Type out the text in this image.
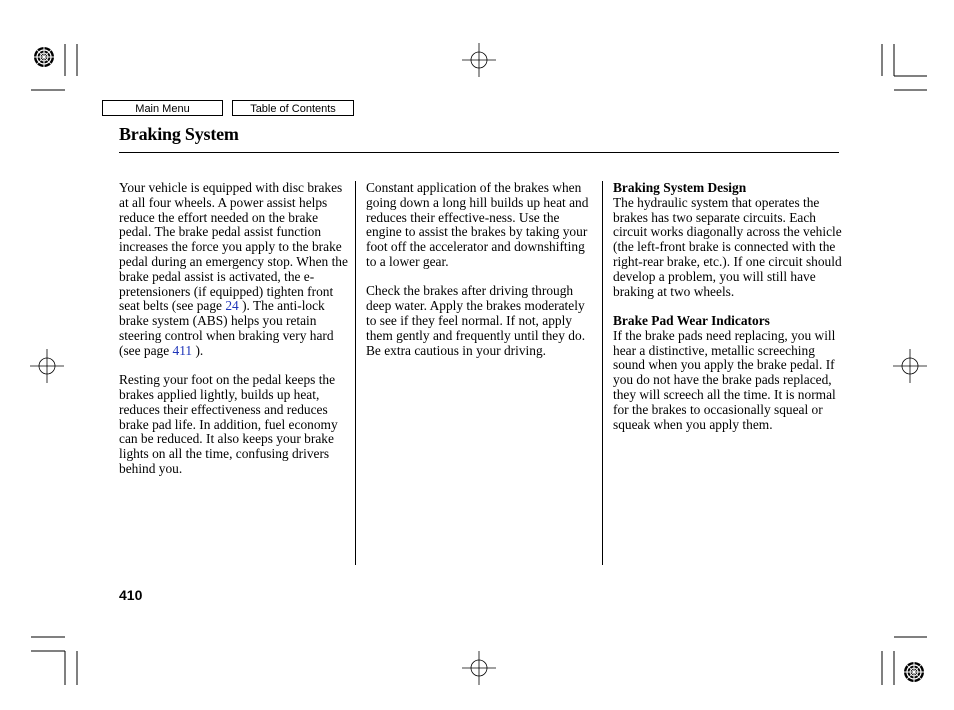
Main Menu	Table of Contents
Braking System

Your vehicle is equipped with disc brakes at all four wheels. A power assist helps reduce the effort needed on the brake pedal. The brake pedal assist function increases the force you apply to the brake pedal during an emergency stop. When the brake pedal assist is activated, the e-pretensioners (if equipped) tighten front seat belts (see page 24 ). The anti-lock brake system (ABS) helps you retain steering control when braking very hard (see page 411 ).

Resting your foot on the pedal keeps the brakes applied lightly, builds up heat, reduces their effectiveness and reduces brake pad life. In addition, fuel economy can be reduced. It also keeps your brake lights on all the time, confusing drivers behind you.

Constant application of the brakes when going down a long hill builds up heat and reduces their effective-ness. Use the engine to assist the brakes by taking your foot off the accelerator and downshifting to a lower gear.

Check the brakes after driving through deep water. Apply the brakes moderately to see if they feel normal. If not, apply them gently and frequently until they do. Be extra cautious in your driving.

Braking System Design

The hydraulic system that operates the brakes has two separate circuits. Each circuit works diagonally across the vehicle (the left-front brake is connected with the right-rear brake, etc.). If one circuit should develop a problem, you will still have braking at two wheels.

Brake Pad Wear Indicators

If the brake pads need replacing, you will hear a distinctive, metallic screeching sound when you apply the brake pedal. If you do not have the brake pads replaced, they will screech all the time. It is normal for the brakes to occasionally squeal or squeak when you apply them.

410
